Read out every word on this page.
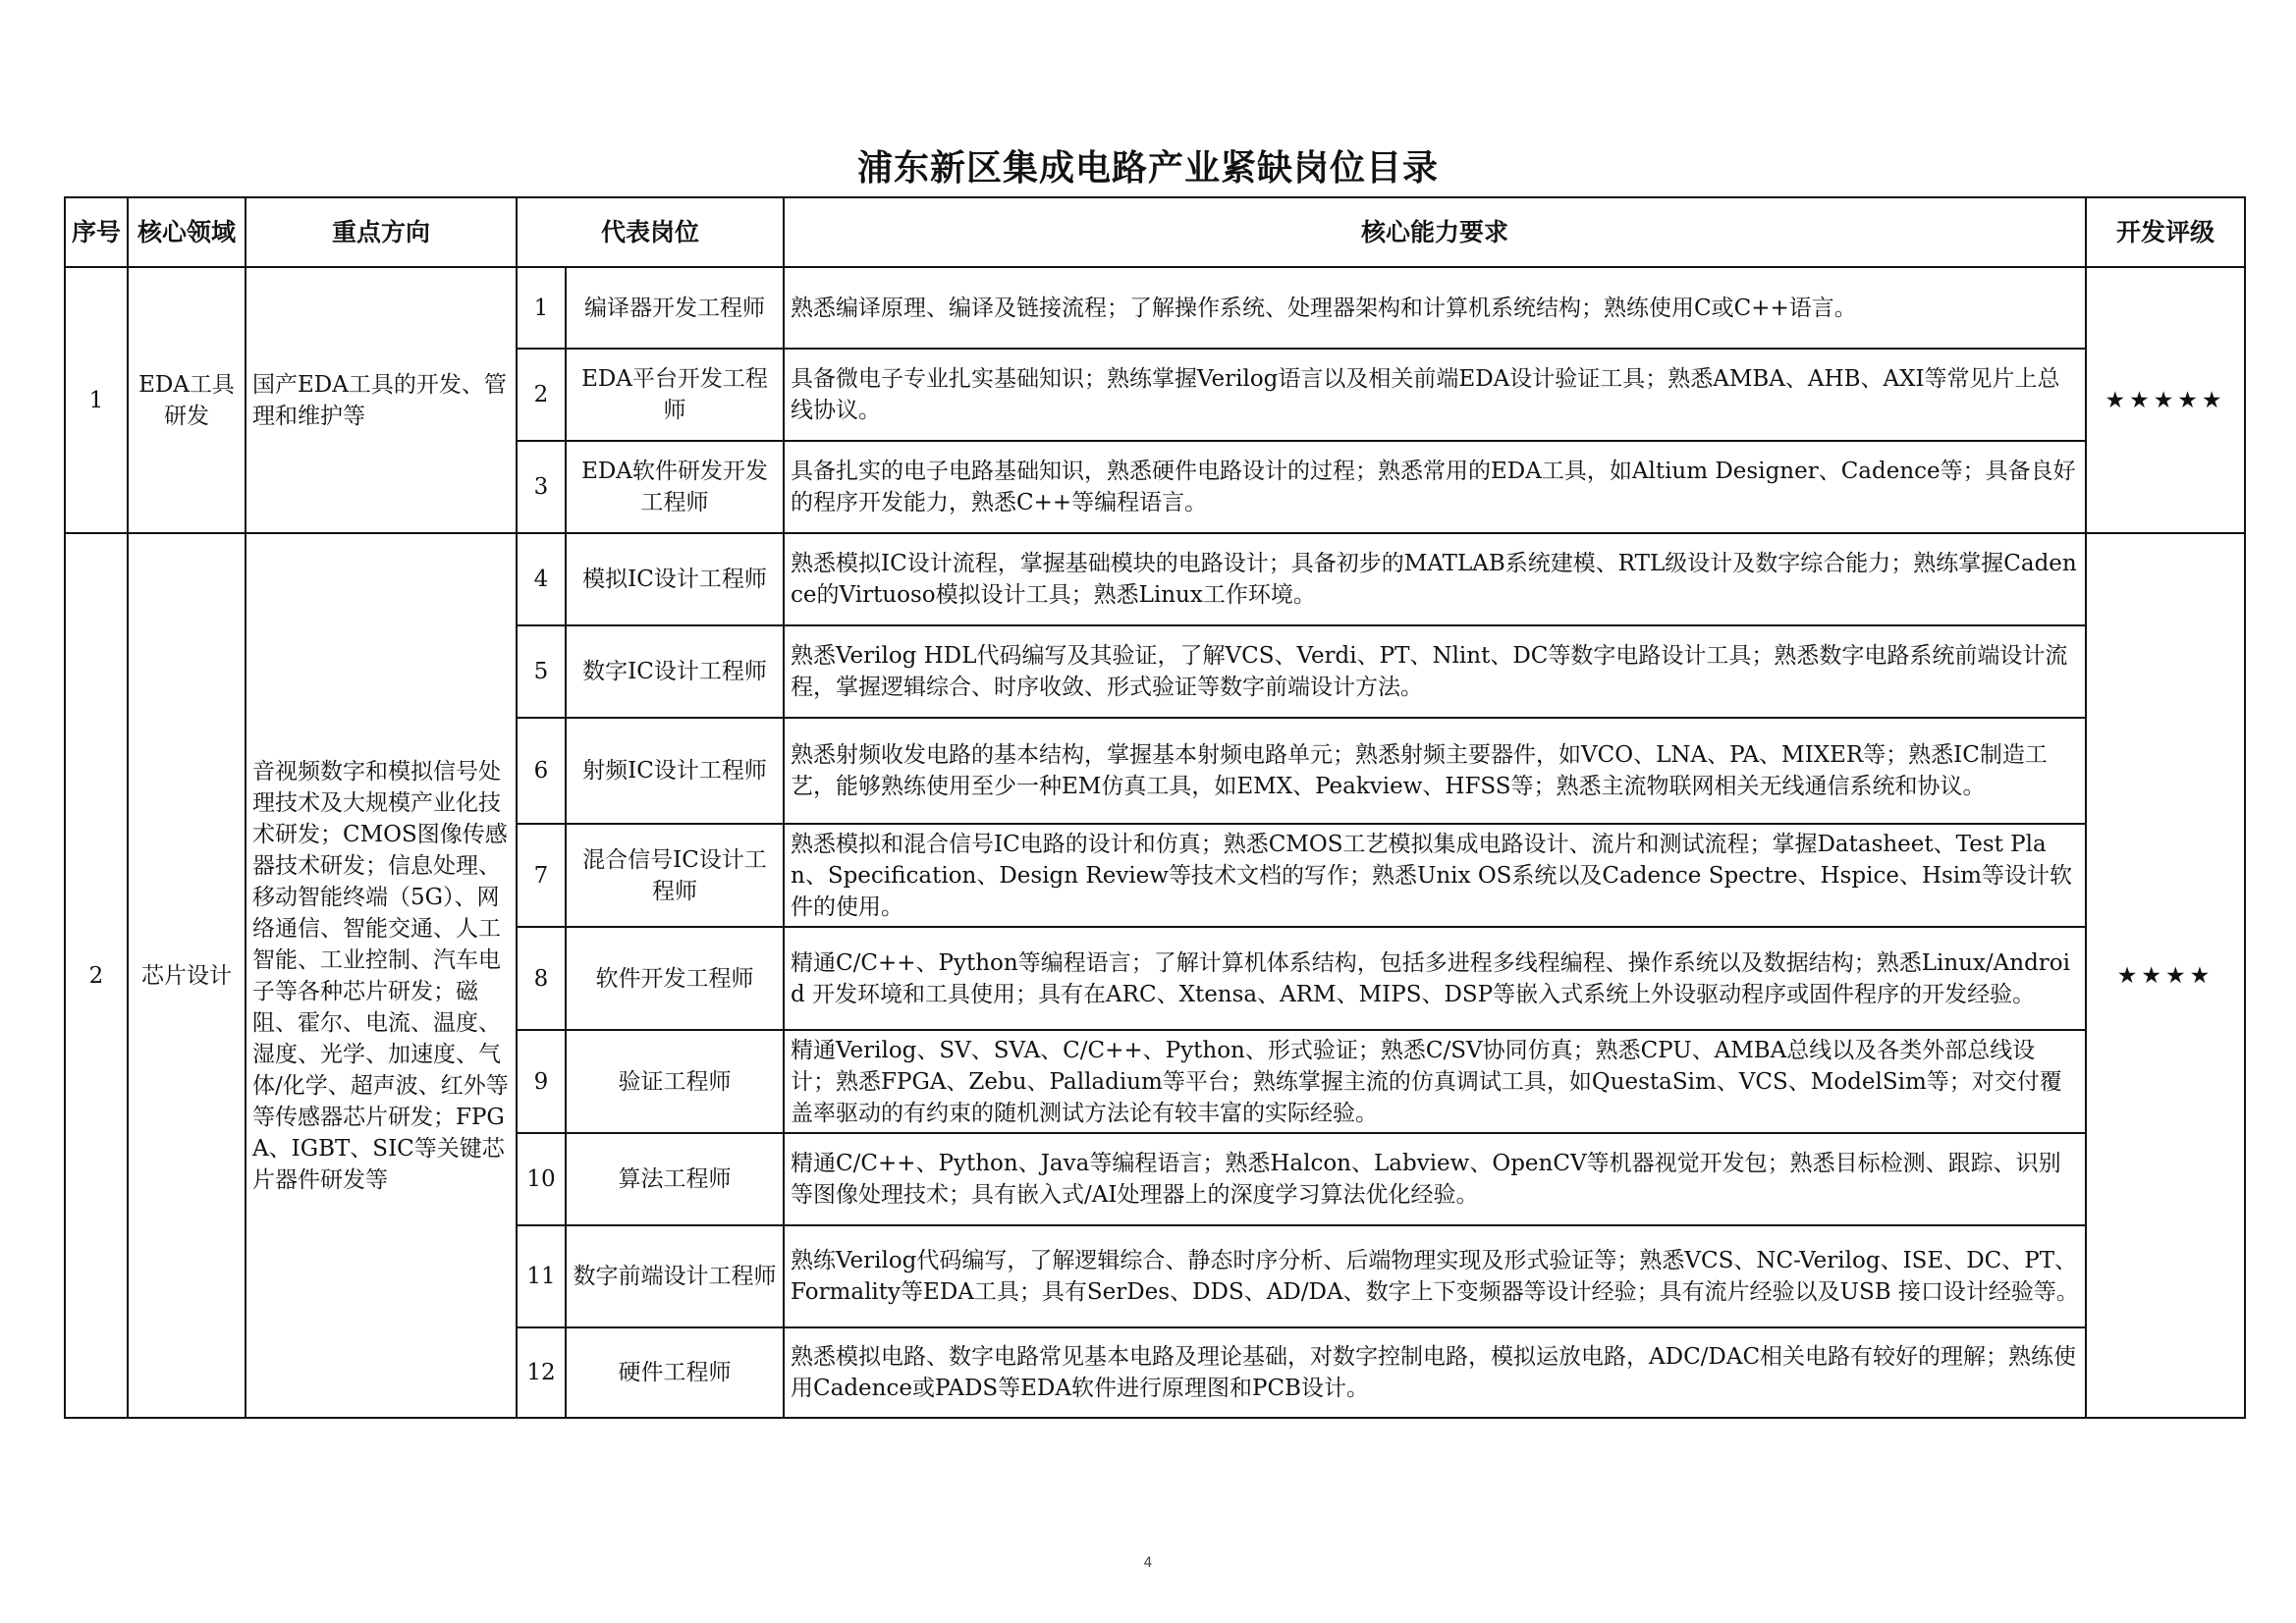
浦东新区集成电路产业紧缺岗位目录
序号	核心领域	重点方向	代表岗位		核心能力要求	开发评级
1	EDA工具研发	国产EDA工具的开发、管理和维护等	1	编译器开发工程师	熟悉编译原理、编译及链接流程；了解操作系统、处理器架构和计算机系统结构；熟练使用C或C++语言。	★★★★★
			2	EDA平台开发工程师	具备微电子专业扎实基础知识；熟练掌握Verilog语言以及相关前端EDA设计验证工具；熟悉AMBA、AHB、AXI等常见片上总线协议。	
			3	EDA软件研发开发工程师	具备扎实的电子电路基础知识，熟悉硬件电路设计的过程；熟悉常用的EDA工具，如Altium Designer、Cadence等；具备良好的程序开发能力，熟悉C++等编程语言。	
2	芯片设计	音视频数字和模拟信号处理技术及大规模产业化技术研发；CMOS图像传感器技术研发；信息处理、移动智能终端（5G）、网络通信、智能交通、人工智能、工业控制、汽车电子等各种芯片研发；磁阻、霍尔、电流、温度、湿度、光学、加速度、气体/化学、超声波、红外等等传感器芯片研发；FPGA、IGBT、SIC等关键芯片器件研发等	4	模拟IC设计工程师	熟悉模拟IC设计流程，掌握基础模块的电路设计；具备初步的MATLAB系统建模、RTL级设计及数字综合能力；熟练掌握Cadence的Virtuoso模拟设计工具；熟悉Linux工作环境。	★★★★
			5	数字IC设计工程师	熟悉Verilog HDL代码编写及其验证，了解VCS、Verdi、PT、Nlint、DC等数字电路设计工具；熟悉数字电路系统前端设计流程，掌握逻辑综合、时序收敛、形式验证等数字前端设计方法。	
			6	射频IC设计工程师	熟悉射频收发电路的基本结构，掌握基本射频电路单元；熟悉射频主要器件，如VCO、LNA、PA、MIXER等；熟悉IC制造工艺，能够熟练使用至少一种EM仿真工具，如EMX、Peakview、HFSS等；熟悉主流物联网相关无线通信系统和协议。	
			7	混合信号IC设计工程师	熟悉模拟和混合信号IC电路的设计和仿真；熟悉CMOS工艺模拟集成电路设计、流片和测试流程；掌握Datasheet、Test Plan、Specification、Design Review等技术文档的写作；熟悉Unix OS系统以及Cadence Spectre、Hspice、Hsim等设计软件的使用。	
			8	软件开发工程师	精通C/C++、Python等编程语言；了解计算机体系结构，包括多进程多线程编程、操作系统以及数据结构；熟悉Linux/Android 开发环境和工具使用；具有在ARC、Xtensa、ARM、MIPS、DSP等嵌入式系统上外设驱动程序或固件程序的开发经验。	
			9	验证工程师	精通Verilog、SV、SVA、C/C++、Python、形式验证；熟悉C/SV协同仿真；熟悉CPU、AMBA总线以及各类外部总线设计；熟悉FPGA、Zebu、Palladium等平台；熟练掌握主流的仿真调试工具，如QuestaSim、VCS、ModelSim等；对交付覆盖率驱动的有约束的随机测试方法论有较丰富的实际经验。	
			10	算法工程师	精通C/C++、Python、Java等编程语言；熟悉Halcon、Labview、OpenCV等机器视觉开发包；熟悉目标检测、跟踪、识别等图像处理技术；具有嵌入式/AI处理器上的深度学习算法优化经验。	
			11	数字前端设计工程师	熟练Verilog代码编写，了解逻辑综合、静态时序分析、后端物理实现及形式验证等；熟悉VCS、NC-Verilog、ISE、DC、PT、Formality等EDA工具；具有SerDes、DDS、AD/DA、数字上下变频器等设计经验；具有流片经验以及USB 接口设计经验等。	
			12	硬件工程师	熟悉模拟电路、数字电路常见基本电路及理论基础，对数字控制电路，模拟运放电路，ADC/DAC相关电路有较好的理解；熟练使用Cadence或PADS等EDA软件进行原理图和PCB设计。	
4
